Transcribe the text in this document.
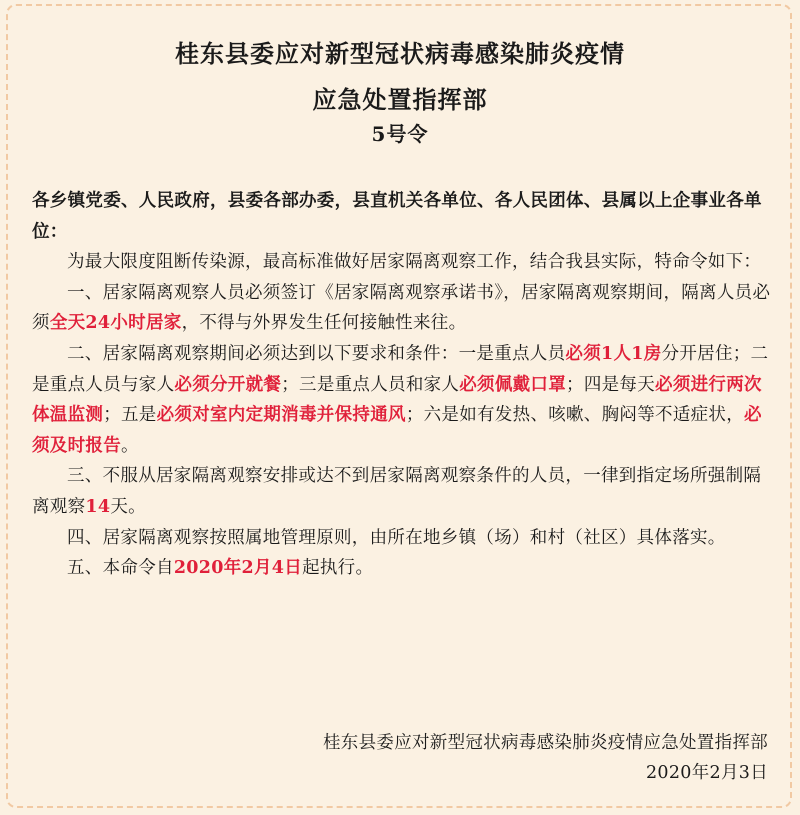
桂东县委应对新型冠状病毒感染肺炎疫情
应急处置指挥部
5号令

各乡镇党委、人民政府，县委各部办委，县直机关各单位、各人民团体、县属以上企事业各单位：

为最大限度阻断传染源，最高标准做好居家隔离观察工作，结合我县实际，特命令如下：

一、居家隔离观察人员必须签订《居家隔离观察承诺书》，居家隔离观察期间，隔离人员必须全天24小时居家，不得与外界发生任何接触性来往。

二、居家隔离观察期间必须达到以下要求和条件：一是重点人员必须1人1房分开居住；二是重点人员与家人必须分开就餐；三是重点人员和家人必须佩戴口罩；四是每天必须进行两次体温监测；五是必须对室内定期消毒并保持通风；六是如有发热、咳嗽、胸闷等不适症状，必须及时报告。

三、不服从居家隔离观察安排或达不到居家隔离观察条件的人员，一律到指定场所强制隔离观察14天。

四、居家隔离观察按照属地管理原则，由所在地乡镇（场）和村（社区）具体落实。

五、本命令自2020年2月4日起执行。

桂东县委应对新型冠状病毒感染肺炎疫情应急处置指挥部
2020年2月3日
